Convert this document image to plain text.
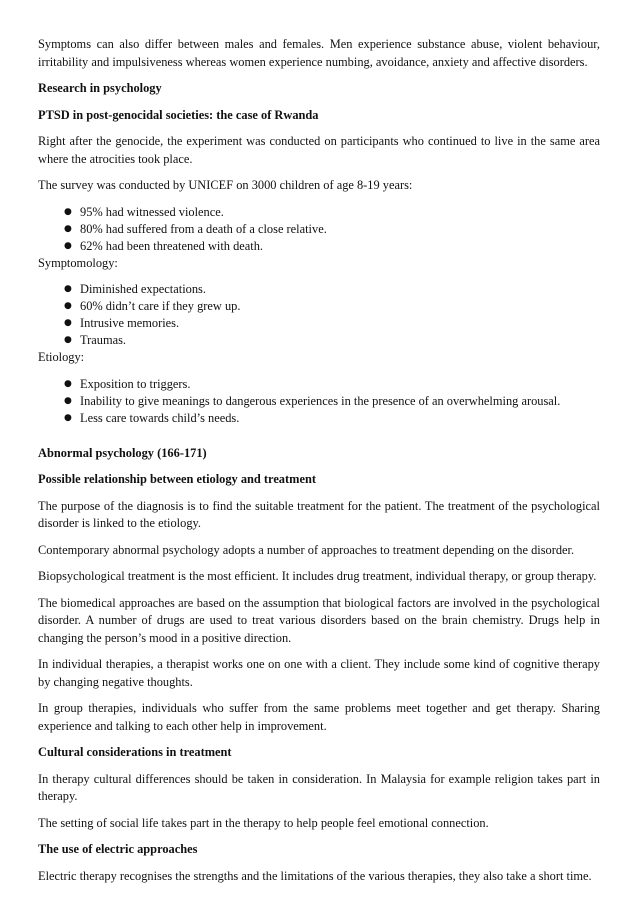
Symptoms can also differ between males and females. Men experience substance abuse, violent behaviour, irritability and impulsiveness whereas women experience numbing, avoidance, anxiety and affective disorders.

Research in psychology
PTSD in post-genocidal societies: the case of Rwanda

Right after the genocide, the experiment was conducted on participants who continued to live in the same area where the atrocities took place.

The survey was conducted by UNICEF on 3000 children of age 8-19 years:

● 95% had witnessed violence.
● 80% had suffered from a death of a close relative.
● 62% had been threatened with death.

Symptomology:

● Diminished expectations.
● 60% didn’t care if they grew up.
● Intrusive memories.
● Traumas.

Etiology:

● Exposition to triggers.
● Inability to give meanings to dangerous experiences in the presence of an overwhelming arousal.
● Less care towards child’s needs.
Abnormal psychology (166-171)
Possible relationship between etiology and treatment

The purpose of the diagnosis is to find the suitable treatment for the patient. The treatment of the psychological disorder is linked to the etiology.

Contemporary abnormal psychology adopts a number of approaches to treatment depending on the disorder.

Biopsychological treatment is the most efficient. It includes drug treatment, individual therapy, or group therapy.

The biomedical approaches are based on the assumption that biological factors are involved in the psychological disorder. A number of drugs are used to treat various disorders based on the brain chemistry. Drugs help in changing the person’s mood in a positive direction.

In individual therapies, a therapist works one on one with a client. They include some kind of cognitive therapy by changing negative thoughts.

In group therapies, individuals who suffer from the same problems meet together and get therapy. Sharing experience and talking to each other help in improvement.

Cultural considerations in treatment

In therapy cultural differences should be taken in consideration. In Malaysia for example religion takes part in therapy.

The setting of social life takes part in the therapy to help people feel emotional connection.

The use of electric approaches

Electric therapy recognises the strengths and the limitations of the various therapies, they also take a short time.
